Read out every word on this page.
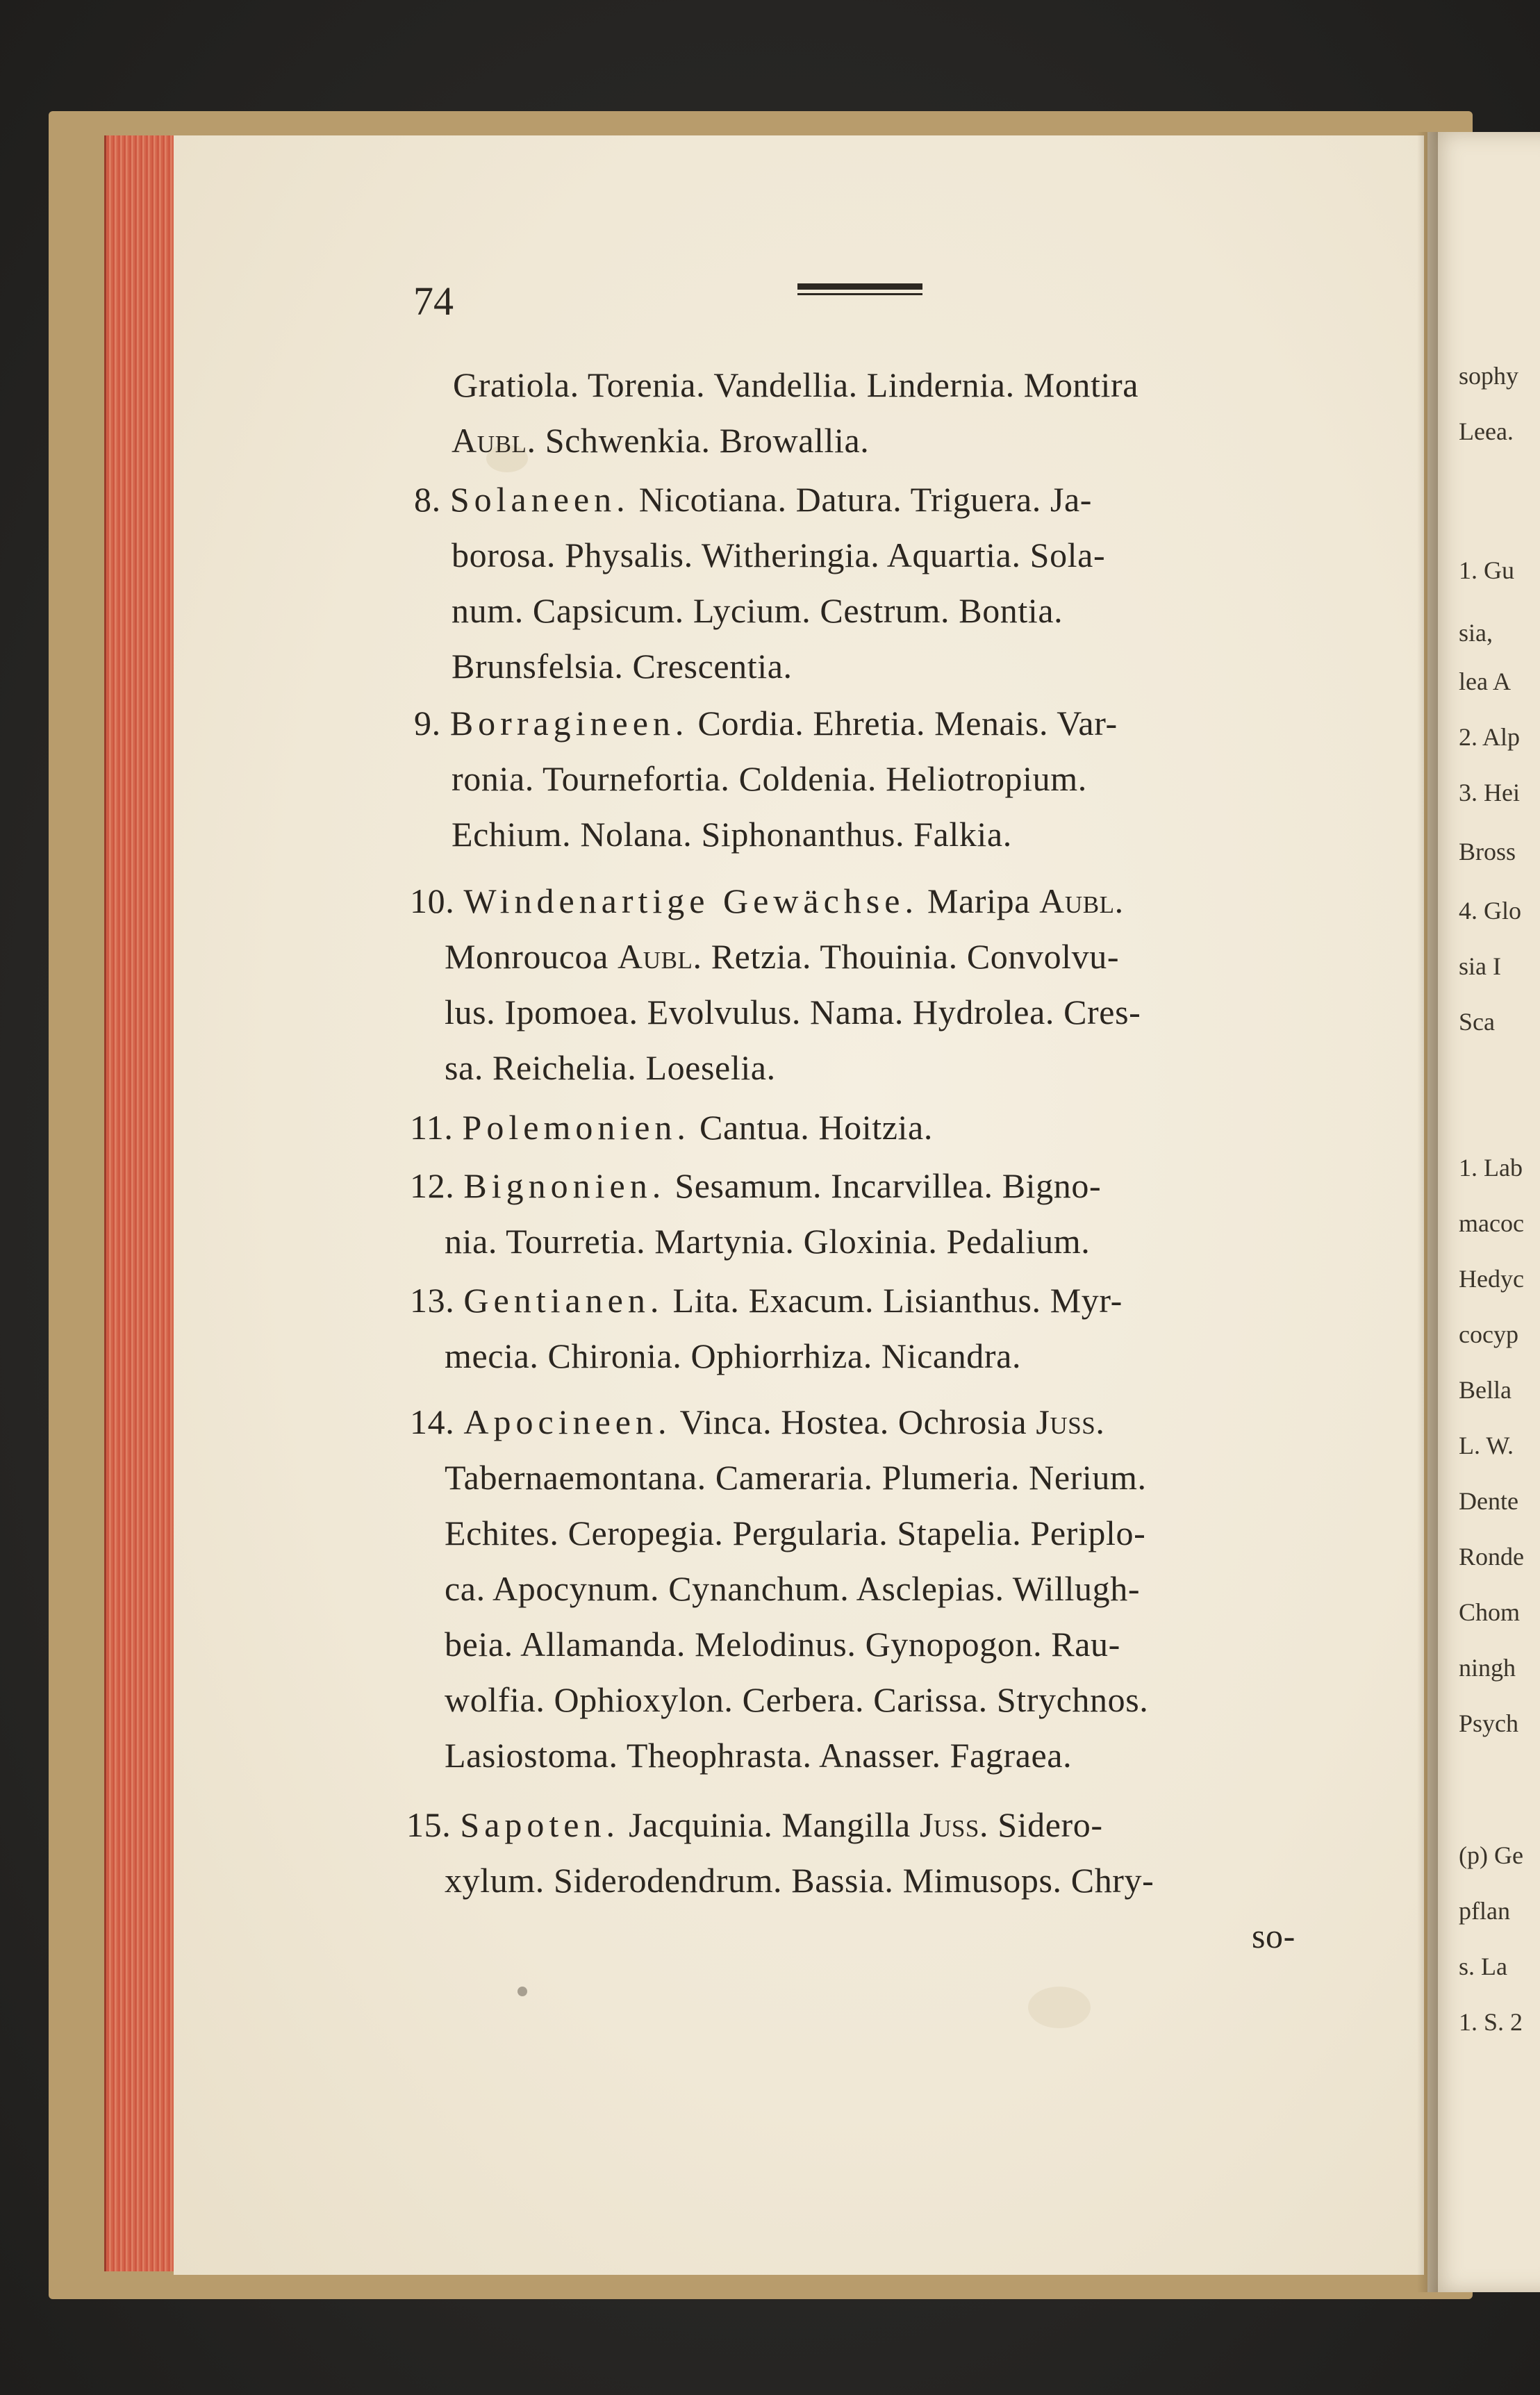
sophy
Leea.
1. Gu
sia,
lea A
2. Alp
3. Hei
Bross
4. Glo
sia I
Sca
1. Lab
macoc
Hedyc
cocyp
Bella
L. W.
Dente
Ronde
Chom
ningh
Psych
(p) Ge
pflan
s. La
1. S. 2
74
Gratiola. Torenia. Vandellia. Lindernia. Montira
Aubl. Schwenkia. Browallia.
8. Solaneen. Nicotiana. Datura. Triguera. Ja-
borosa. Physalis. Witheringia. Aquartia. Sola-
num. Capsicum. Lycium. Cestrum. Bontia.
Brunsfelsia. Crescentia.
9. Borragineen. Cordia. Ehretia. Menais. Var-
ronia. Tournefortia. Coldenia. Heliotropium.
Echium. Nolana. Siphonanthus. Falkia.
10. Windenartige Gewächse. Maripa Aubl.
Monroucoa Aubl. Retzia. Thouinia. Convolvu-
lus. Ipomoea. Evolvulus. Nama. Hydrolea. Cres-
sa. Reichelia. Loeselia.
11. Polemonien. Cantua. Hoitzia.
12. Bignonien. Sesamum. Incarvillea. Bigno-
nia. Tourretia. Martynia. Gloxinia. Pedalium.
13. Gentianen. Lita. Exacum. Lisianthus. Myr-
mecia. Chironia. Ophiorrhiza. Nicandra.
14. Apocineen. Vinca. Hostea. Ochrosia Juss.
Tabernaemontana. Cameraria. Plumeria. Nerium.
Echites. Ceropegia. Pergularia. Stapelia. Periplo-
ca. Apocynum. Cynanchum. Asclepias. Willugh-
beia. Allamanda. Melodinus. Gynopogon. Rau-
wolfia. Ophioxylon. Cerbera. Carissa. Strychnos.
Lasiostoma. Theophrasta. Anasser. Fagraea.
15. Sapoten. Jacquinia. Mangilla Juss. Sidero-
xylum. Siderodendrum. Bassia. Mimusops. Chry-
so-
